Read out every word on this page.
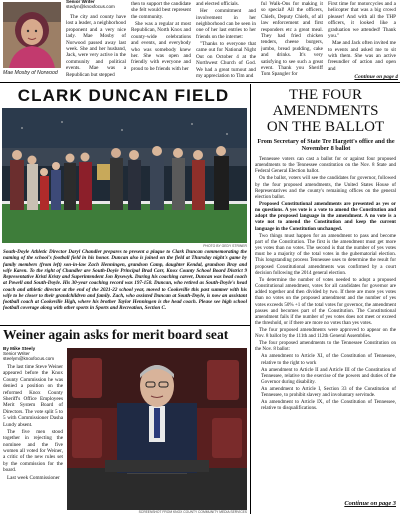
Mae Mosby of Norwood
Senior Writer
stedyn@knoxfocus.com

The city and county have lost a leader, a neighborhood proponent and a very nice lady. Mae Mosby of Norwood passed away last week. She and her husband, Jack, were very active in the community and political events. Mae was a Republican but stepped

then to support the candidate she felt would best represent the community.

She was a regular at most Republican, North Knox and county-wide celebrations and events, and everybody who was somebody knew her. She was open and friendly with everyone and proud to be friends with her

and elected officials.

Her commitment and involvement in her neighborhood can be seen in one of her last entries to her friends on the internet:

"Thanks to everyone that came out for National Night Out on October 4 at the Northwest Church of God. We had a great turnout and my appreciation to Tim and

ful Walk-Ons for making it so special! All the officers, Chiefs, Deputy Chiefs, of all law enforcement and first responders etc a great meal. They had fried chicken tenders, cheese burgers, jumbo, bread pudding, cake and drinks. It's very satisfying to see such a great event. Thank you Sheriff Tom Spangler for

First time for motorcycles and a helicopter that was a big crowd pleaser! And with all the THP officers, it looked like a graduation we attended! Thank you."

Mae and Jack often invited me to events and asked me to sit with them. She was an active freeundler of action and open and

Continue on page 4
CLARK DUNCAN FIELD
PHOTO BY GEDY STRINER
South-Doyle Athletic Director Daryl Chandler prepares to present a plaque to Clark Duncan commemorating the naming of the school's football field in his honor. Duncan also is joined on the field at Thursday night's game by family members (from left) son-in-law Zach Henningen, grandson Camp, daughter Kendal, grandson Bray and wife Karen. To the right of Chandler are South-Doyle Principal Brad Carr, Knox County School Board District 9 Representative Kristi Kristy and Superintendent Jon Rysewyk. During his coaching career, Duncan was head coach at Powell and South-Doyle. His 30-year coaching record was 197-150. Duncan, who retired as South-Doyle's head coach and athletic director at the end of the 2021-22 school year, moved to Cookeville this past summer with his wife to be closer to their grandchildren and family. Zach, who assisted Duncan at South-Doyle, is now an assistant football coach at Cookeville High, where his brother Taylor Henningen is the head coach. Please see high school football coverage along with other sports in Sports and Recreation, Section C.
Weiner again asks for merit board seat
By Mike Steely
Senior Writer
steelym@knoxfocus.com

The last time Steve Weiner appeared before the Knox County Commission he was denied a position on the reformed Knox County Sheriff's Office Employees Merit System Board of Directors. The vote split 5 to 5 with Commissioner Dasha Lundy absent.

The five men stood together in rejecting the nominee and the five women all voted for Weiner, a critic of the new rules set by the commission for the board.

Last week Commissioner

SCREENSHOT FROM KNOX COUNTY COMMUNITY MEDIA SERVICES
THE FOUR
AMENDMENTS
ON THE BALLOT
From Secretary of State Tre Hargett's office and the November 8 ballot

Tennessee voters can cast a ballot for or against four proposed amendments to the Tennessee constitution on the Nov. 8 State and Federal General Election ballot.

On the ballot, voters will see the candidates for governor, followed by the four proposed amendments, the United States House of Representatives and the county's remaining offices on the general election ballot.

Proposed Constitutional amendments are presented as yes or no questions. A yes vote is a vote to amend the Constitution and adopt the proposed language in the amendment. A no vote is a vote not to amend the Constitution and keep the current language in the Constitution unchanged.

Two things must happen for an amendment to pass and become part of the Constitution. The first is the amendment must get more yes votes than no votes. The second is that the number of yes votes must be a majority of the total votes in the gubernatorial election. This longstanding process Tennessee uses to determine the result for proposed Constitutional amendments was confirmed by a court decision following the 2014 general election.

To determine the number of votes needed to adopt a proposed Constitutional amendment, votes for all candidates for governor are added together and then divided by two. If there are more yes votes than no votes on the proposed amendment and the number of yes votes exceeds 50% +1 of the total votes for governor, the amendment passes and becomes part of the Constitution. The Constitutional amendment fails if the number of yes votes does not meet or exceed the threshold, or if there are more no votes than yes votes.

The four proposed amendments were approved to appear on the Nov. 8 ballot by the 111th and 112th General Assemblies.

The four proposed amendments to the Tennessee Constitution on the Nov. 8 ballot:

An amendment to Article XI, of the Constitution of Tennessee, relative to the right to work

An amendment to Article II and Article III of the Constitution of Tennessee, relative to the exercise of the powers and duties of the Governor during disability.

An amendment to Article I, Section 33 of the Constitution of Tennessee, to prohibit slavery and involuntary servitude.

An amendment to Article IX, of the Constitution of Tennessee, relative to disqualifications.

Continue on page 3
